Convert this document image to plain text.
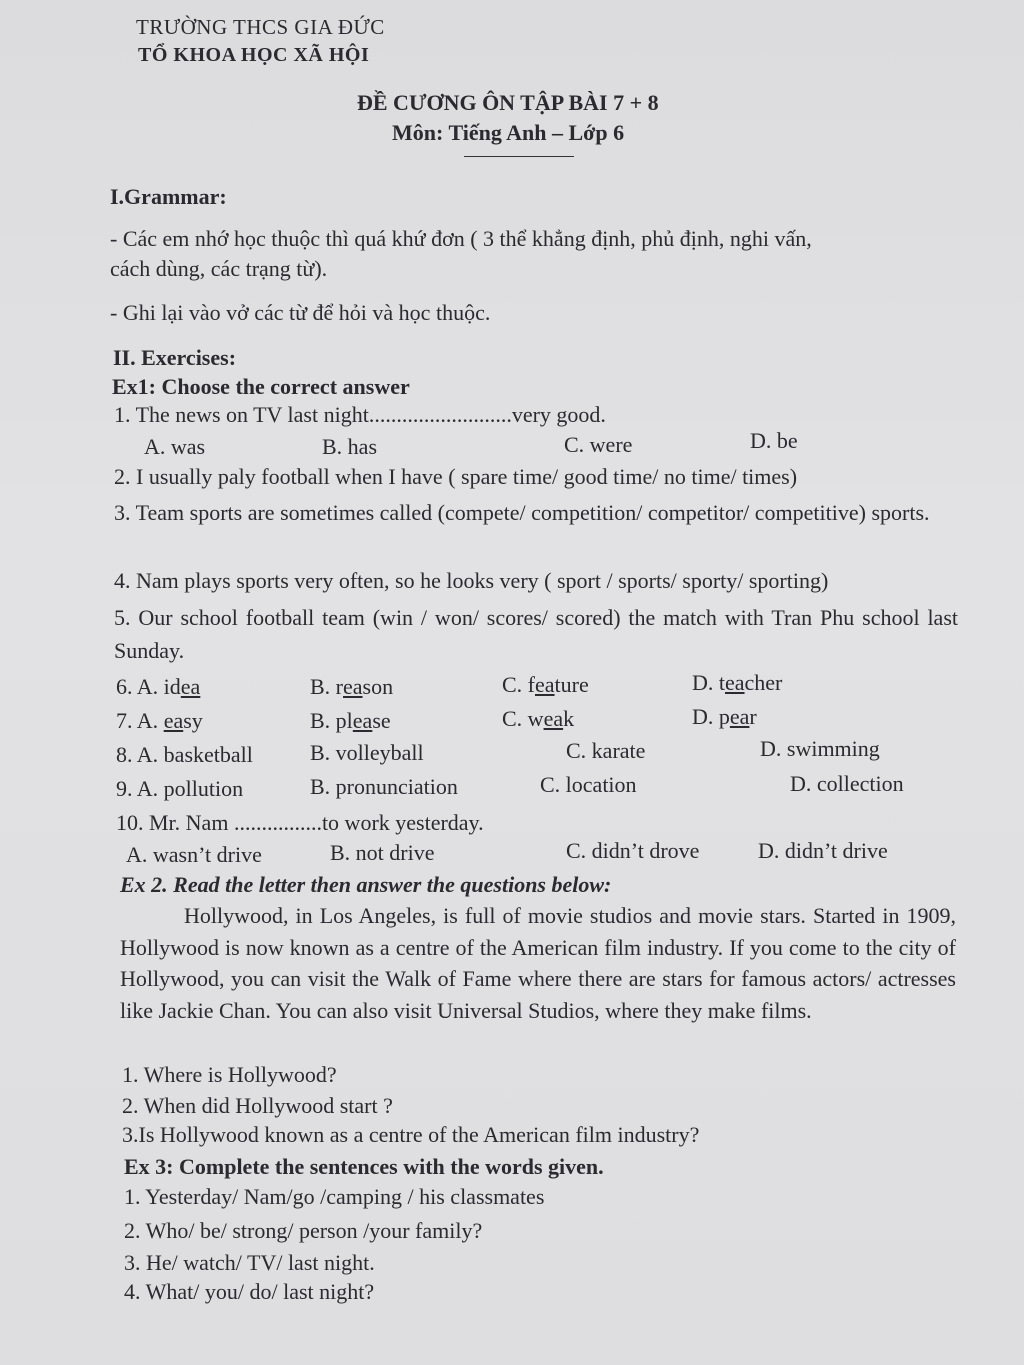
TRƯỜNG THCS GIA ĐỨC
TỔ KHOA HỌC XÃ HỘI
ĐỀ CƯƠNG ÔN TẬP BÀI 7 + 8
Môn: Tiếng Anh – Lớp 6
I.Grammar:
- Các em nhớ học thuộc thì quá khứ đơn ( 3 thể khẳng định, phủ định, nghi vấn,
cách dùng, các trạng từ).
- Ghi lại vào vở các từ để hỏi và học thuộc.
II. Exercises:
Ex1: Choose the correct answer
1. The news on TV last night..........................very good.
A. was	B. has	C. were	D. be
2. I usually paly football when I have ( spare time/ good time/ no time/ times)
3. Team sports are sometimes called (compete/ competition/ competitor/ competitive) sports.
4. Nam plays sports very often, so he looks very ( sport / sports/ sporty/ sporting)
5. Our school football team (win / won/ scores/ scored) the match with Tran Phu school last Sunday.
6. A. idea	B. reason	C. feature	D. teacher
7. A. easy	B. please	C. weak	D. pear
8. A. basketball	B. volleyball	C. karate	D. swimming
9. A. pollution	B. pronunciation	C. location	D. collection
10. Mr. Nam ................to work yesterday.
A. wasn’t drive	B. not drive	C. didn’t drove	D. didn’t drive
Ex 2. Read the letter then answer the questions below:
Hollywood, in Los Angeles, is full of movie studios and movie stars. Started in 1909, Hollywood is now known as a centre of the American film industry. If you come to the city of Hollywood, you can visit the Walk of Fame where there are stars for famous actors/ actresses like Jackie Chan. You can also visit Universal Studios, where they make films.
1. Where is Hollywood?
2. When did Hollywood start ?
3.Is Hollywood known as a centre of the American film industry?
Ex 3: Complete the sentences with the words given.
1. Yesterday/ Nam/go /camping / his classmates
2. Who/ be/ strong/ person /your family?
3. He/ watch/ TV/ last night.
4. What/ you/ do/ last night?
